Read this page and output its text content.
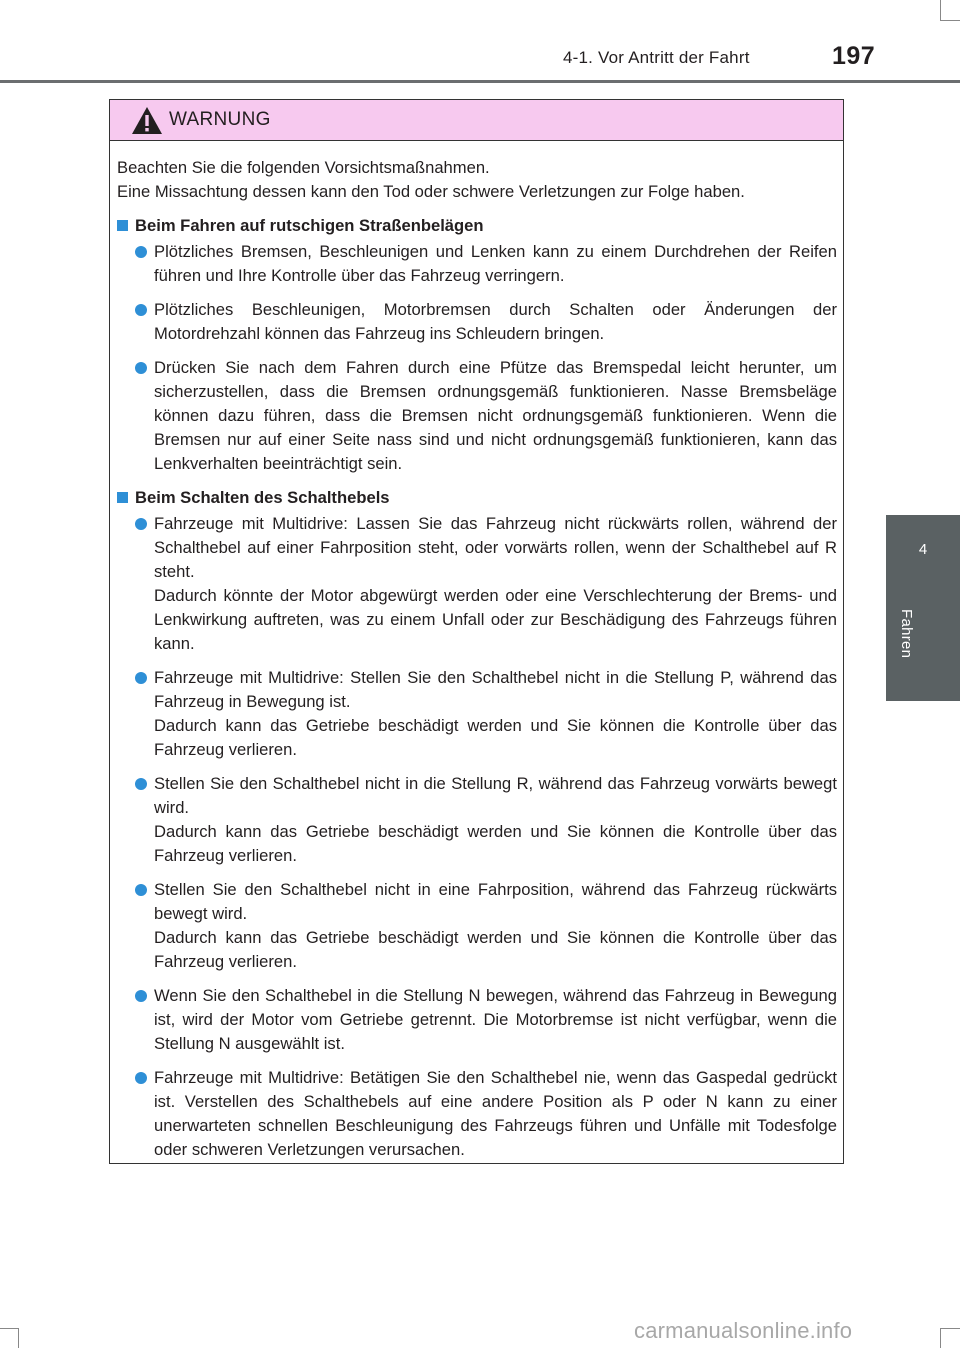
4-1. Vor Antritt der Fahrt	197
4
Fahren
WARNUNG

Beachten Sie die folgenden Vorsichtsmaßnahmen.

Eine Missachtung dessen kann den Tod oder schwere Verletzungen zur Folge haben.

Beim Fahren auf rutschigen Straßenbelägen

Plötzliches Bremsen, Beschleunigen und Lenken kann zu einem Durchdrehen der Reifen führen und Ihre Kontrolle über das Fahrzeug verringern.

Plötzliches Beschleunigen, Motorbremsen durch Schalten oder Änderungen der Motordrehzahl können das Fahrzeug ins Schleudern bringen.

Drücken Sie nach dem Fahren durch eine Pfütze das Bremspedal leicht herunter, um sicherzustellen, dass die Bremsen ordnungsgemäß funktionieren. Nasse Bremsbeläge können dazu führen, dass die Bremsen nicht ordnungsgemäß funktionieren. Wenn die Bremsen nur auf einer Seite nass sind und nicht ordnungsgemäß funktionieren, kann das Lenkverhalten beeinträchtigt sein.

Beim Schalten des Schalthebels

Fahrzeuge mit Multidrive: Lassen Sie das Fahrzeug nicht rückwärts rollen, während der Schalthebel auf einer Fahrposition steht, oder vorwärts rollen, wenn der Schalthebel auf R steht.

Dadurch könnte der Motor abgewürgt werden oder eine Verschlechterung der Brems- und Lenkwirkung auftreten, was zu einem Unfall oder zur Beschädigung des Fahrzeugs führen kann.

Fahrzeuge mit Multidrive: Stellen Sie den Schalthebel nicht in die Stellung P, während das Fahrzeug in Bewegung ist.

Dadurch kann das Getriebe beschädigt werden und Sie können die Kontrolle über das Fahrzeug verlieren.

Stellen Sie den Schalthebel nicht in die Stellung R, während das Fahrzeug vorwärts bewegt wird.

Dadurch kann das Getriebe beschädigt werden und Sie können die Kontrolle über das Fahrzeug verlieren.

Stellen Sie den Schalthebel nicht in eine Fahrposition, während das Fahrzeug rückwärts bewegt wird.

Dadurch kann das Getriebe beschädigt werden und Sie können die Kontrolle über das Fahrzeug verlieren.

Wenn Sie den Schalthebel in die Stellung N bewegen, während das Fahrzeug in Bewegung ist, wird der Motor vom Getriebe getrennt. Die Motorbremse ist nicht verfügbar, wenn die Stellung N ausgewählt ist.

Fahrzeuge mit Multidrive: Betätigen Sie den Schalthebel nie, wenn das Gaspedal gedrückt ist. Verstellen des Schalthebels auf eine andere Position als P oder N kann zu einer unerwarteten schnellen Beschleunigung des Fahrzeugs führen und Unfälle mit Todesfolge oder schweren Verletzungen verursachen.

carmanualsonline.info
